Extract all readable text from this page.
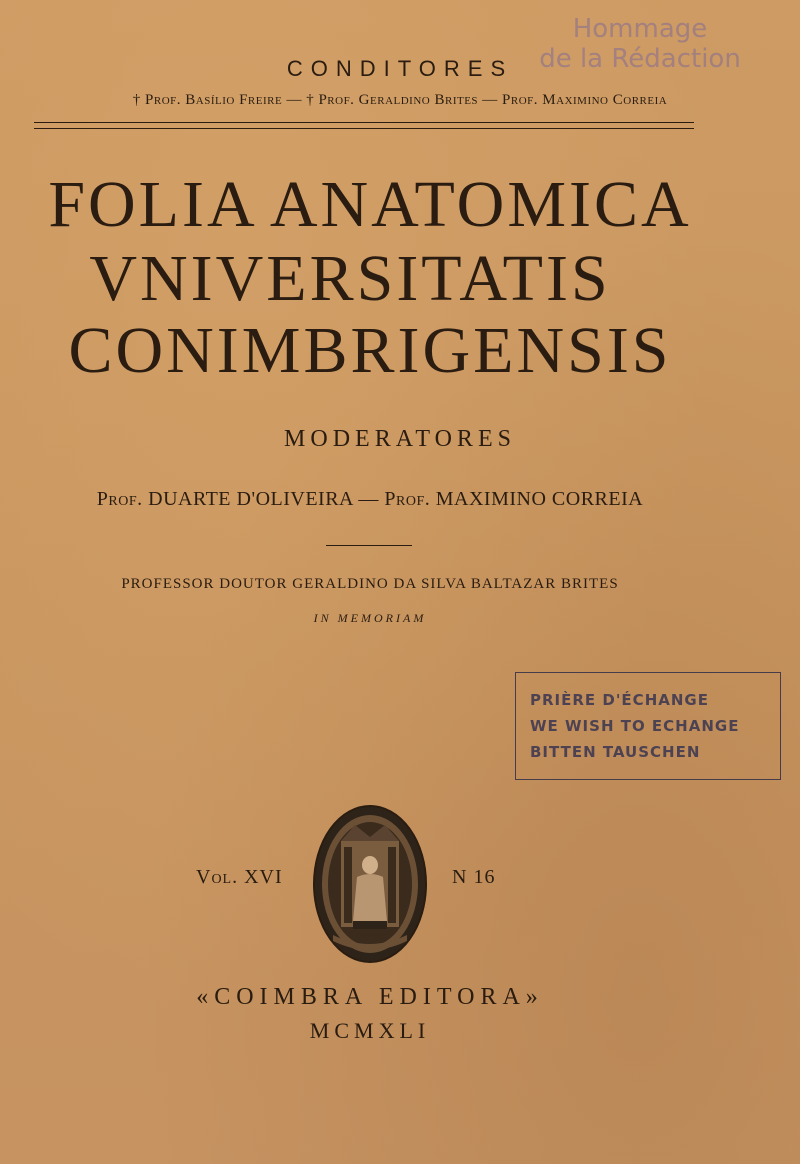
Hommage
de la Rédaction
CONDITORES
† Prof. Basílio Freire — † Prof. Geraldino Brites — Prof. Maximino Correia
FOLIA ANATOMICA
VNIVERSITATIS
CONIMBRIGENSIS
MODERATORES
Prof. DUARTE D'OLIVEIRA — Prof. MAXIMINO CORREIA
PROFESSOR DOUTOR GERALDINO DA SILVA BALTAZAR BRITES
IN MEMORIAM
PRIÈRE D'ÉCHANGE
WE WISH TO ECHANGE
BITTEN TAUSCHEN
Vol. XVI	N 16
«COIMBRA EDITORA»
MCMXLI
